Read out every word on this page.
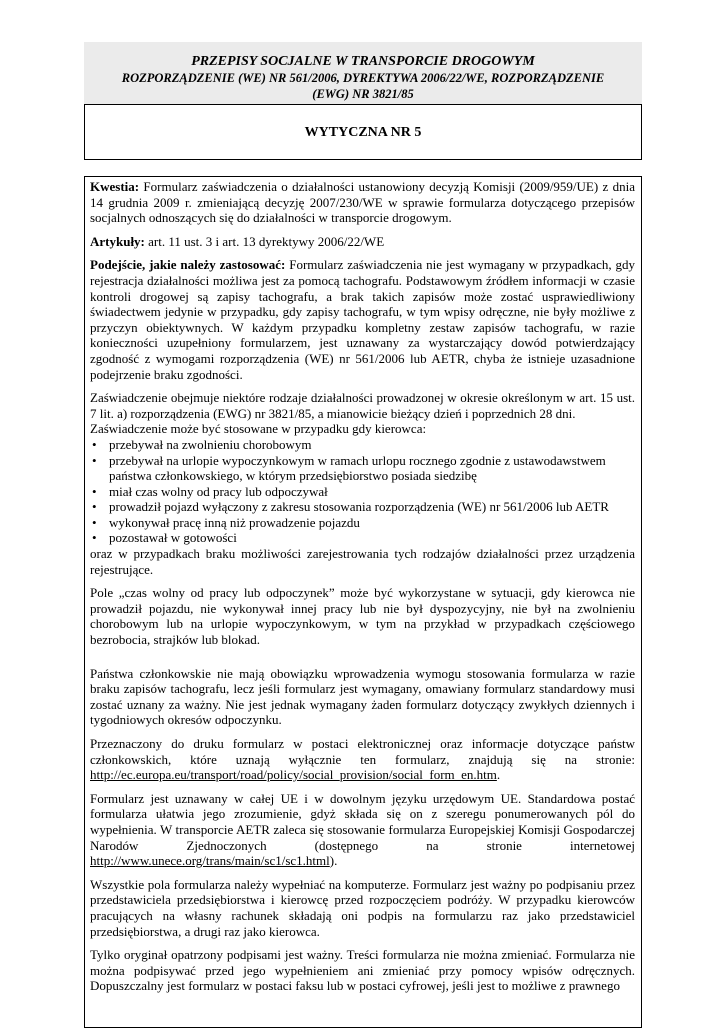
PRZEPISY SOCJALNE W TRANSPORCIE DROGOWYM
ROZPORZĄDZENIE (WE) NR 561/2006, DYREKTYWA 2006/22/WE, ROZPORZĄDZENIE
(EWG) NR 3821/85
WYTYCZNA NR 5

Kwestia: Formularz zaświadczenia o działalności ustanowiony decyzją Komisji (2009/959/UE) z dnia 14 grudnia 2009 r. zmieniającą decyzję 2007/230/WE w sprawie formularza dotyczącego przepisów socjalnych odnoszących się do działalności w transporcie drogowym.

Artykuły: art. 11 ust. 3 i art. 13 dyrektywy 2006/22/WE

Podejście, jakie należy zastosować: Formularz zaświadczenia nie jest wymagany w przypadkach, gdy rejestracja działalności możliwa jest za pomocą tachografu. Podstawowym źródłem informacji w czasie kontroli drogowej są zapisy tachografu, a brak takich zapisów może zostać usprawiedliwiony świadectwem jedynie w przypadku, gdy zapisy tachografu, w tym wpisy odręczne, nie były możliwe z przyczyn obiektywnych. W każdym przypadku kompletny zestaw zapisów tachografu, w razie konieczności uzupełniony formularzem, jest uznawany za wystarczający dowód potwierdzający zgodność z wymogami rozporządzenia (WE) nr 561/2006 lub AETR, chyba że istnieje uzasadnione podejrzenie braku zgodności.

Zaświadczenie obejmuje niektóre rodzaje działalności prowadzonej w okresie określonym w art. 15 ust. 7 lit. a) rozporządzenia (EWG) nr 3821/85, a mianowicie bieżący dzień i poprzednich 28 dni.

Zaświadczenie może być stosowane w przypadku gdy kierowca:

• przebywał na zwolnieniu chorobowym
• przebywał na urlopie wypoczynkowym w ramach urlopu rocznego zgodnie z ustawodawstwem państwa członkowskiego, w którym przedsiębiorstwo posiada siedzibę
• miał czas wolny od pracy lub odpoczywał
• prowadził pojazd wyłączony z zakresu stosowania rozporządzenia (WE) nr 561/2006 lub AETR
• wykonywał pracę inną niż prowadzenie pojazdu
• pozostawał w gotowości

oraz w przypadkach braku możliwości zarejestrowania tych rodzajów działalności przez urządzenia rejestrujące.

Pole „czas wolny od pracy lub odpoczynek” może być wykorzystane w sytuacji, gdy kierowca nie prowadził pojazdu, nie wykonywał innej pracy lub nie był dyspozycyjny, nie był na zwolnieniu chorobowym lub na urlopie wypoczynkowym, w tym na przykład w przypadkach częściowego bezrobocia, strajków lub blokad.

Państwa członkowskie nie mają obowiązku wprowadzenia wymogu stosowania formularza w razie braku zapisów tachografu, lecz jeśli formularz jest wymagany, omawiany formularz standardowy musi zostać uznany za ważny. Nie jest jednak wymagany żaden formularz dotyczący zwykłych dziennych i tygodniowych okresów odpoczynku.

Przeznaczony do druku formularz w postaci elektronicznej oraz informacje dotyczące państw członkowskich, które uznają wyłącznie ten formularz, znajdują się na stronie: http://ec.europa.eu/transport/road/policy/social_provision/social_form_en.htm.

Formularz jest uznawany w całej UE i w dowolnym języku urzędowym UE. Standardowa postać formularza ułatwia jego zrozumienie, gdyż składa się on z szeregu ponumerowanych pól do wypełnienia. W transporcie AETR zaleca się stosowanie formularza Europejskiej Komisji Gospodarczej Narodów Zjednoczonych (dostępnego na stronie internetowej http://www.unece.org/trans/main/sc1/sc1.html).

Wszystkie pola formularza należy wypełniać na komputerze. Formularz jest ważny po podpisaniu przez przedstawiciela przedsiębiorstwa i kierowcę przed rozpoczęciem podróży. W przypadku kierowców pracujących na własny rachunek składają oni podpis na formularzu raz jako przedstawiciel przedsiębiorstwa, a drugi raz jako kierowca.

Tylko oryginał opatrzony podpisami jest ważny. Treści formularza nie można zmieniać. Formularza nie można podpisywać przed jego wypełnieniem ani zmieniać przy pomocy wpisów odręcznych. Dopuszczalny jest formularz w postaci faksu lub w postaci cyfrowej, jeśli jest to możliwe z prawnego
